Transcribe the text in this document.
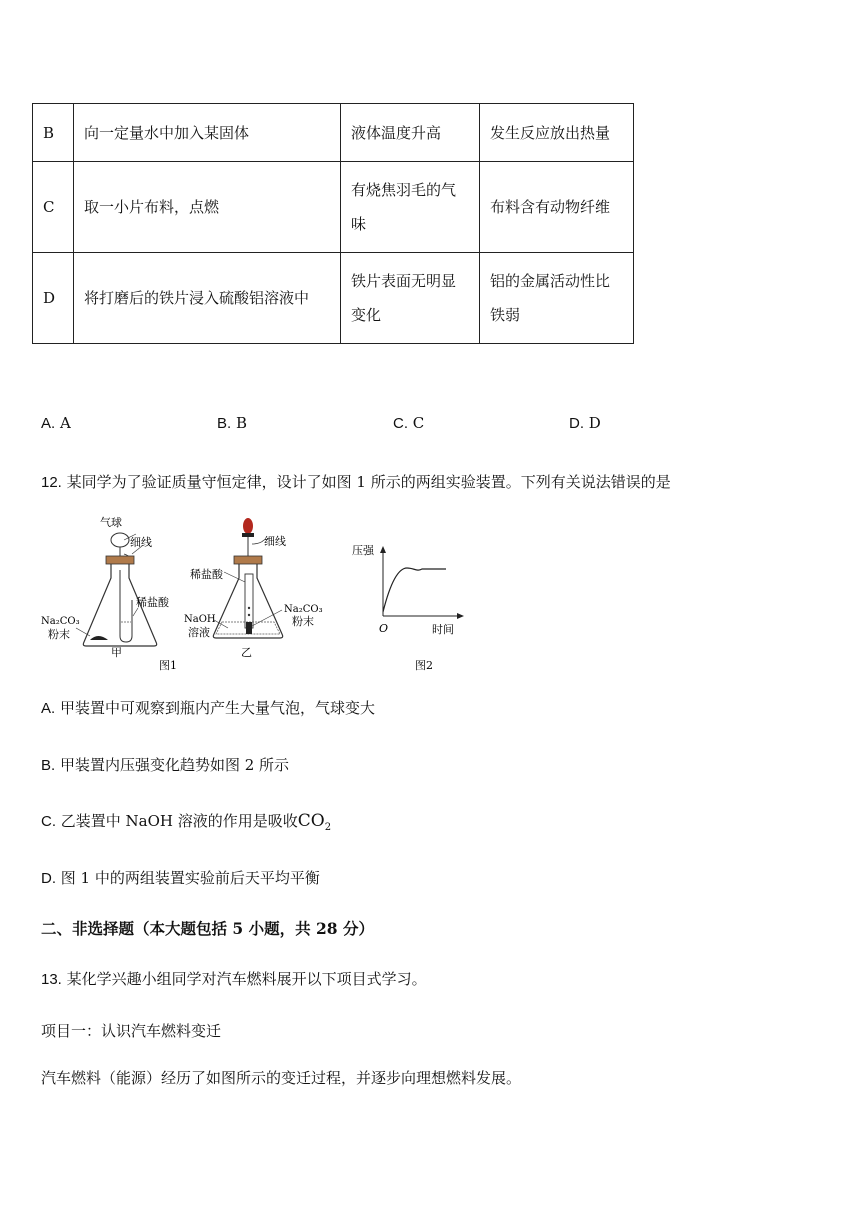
B	向一定量水中加入某固体	液体温度升高	发生反应放出热量
C	取一小片布料，点燃	有烧焦羽毛的气味	布料含有动物纤维
D	将打磨后的铁片浸入硫酸铝溶液中	铁片表面无明显变化	铝的金属活动性比铁弱
A. A	B. B	C. C	D. D
12. 某同学为了验证质量守恒定律，设计了如图 1 所示的两组实验装置。下列有关说法错误的是
气球
细线
稀盐酸
Na₂CO₃
粉末
甲
细线
稀盐酸
NaOH
溶液
Na₂CO₃
粉末
乙
图1
压强
O	时间
图2
A. 甲装置中可观察到瓶内产生大量气泡，气球变大
B. 甲装置内压强变化趋势如图 2 所示
C. 乙装置中 NaOH 溶液的作用是吸收$CO_2$
D. 图 1 中的两组装置实验前后天平均平衡
二、非选择题（本大题包括 5 小题，共 28 分）
13. 某化学兴趣小组同学对汽车燃料展开以下项目式学习。
项目一：认识汽车燃料变迁
汽车燃料（能源）经历了如图所示的变迁过程，并逐步向理想燃料发展。
